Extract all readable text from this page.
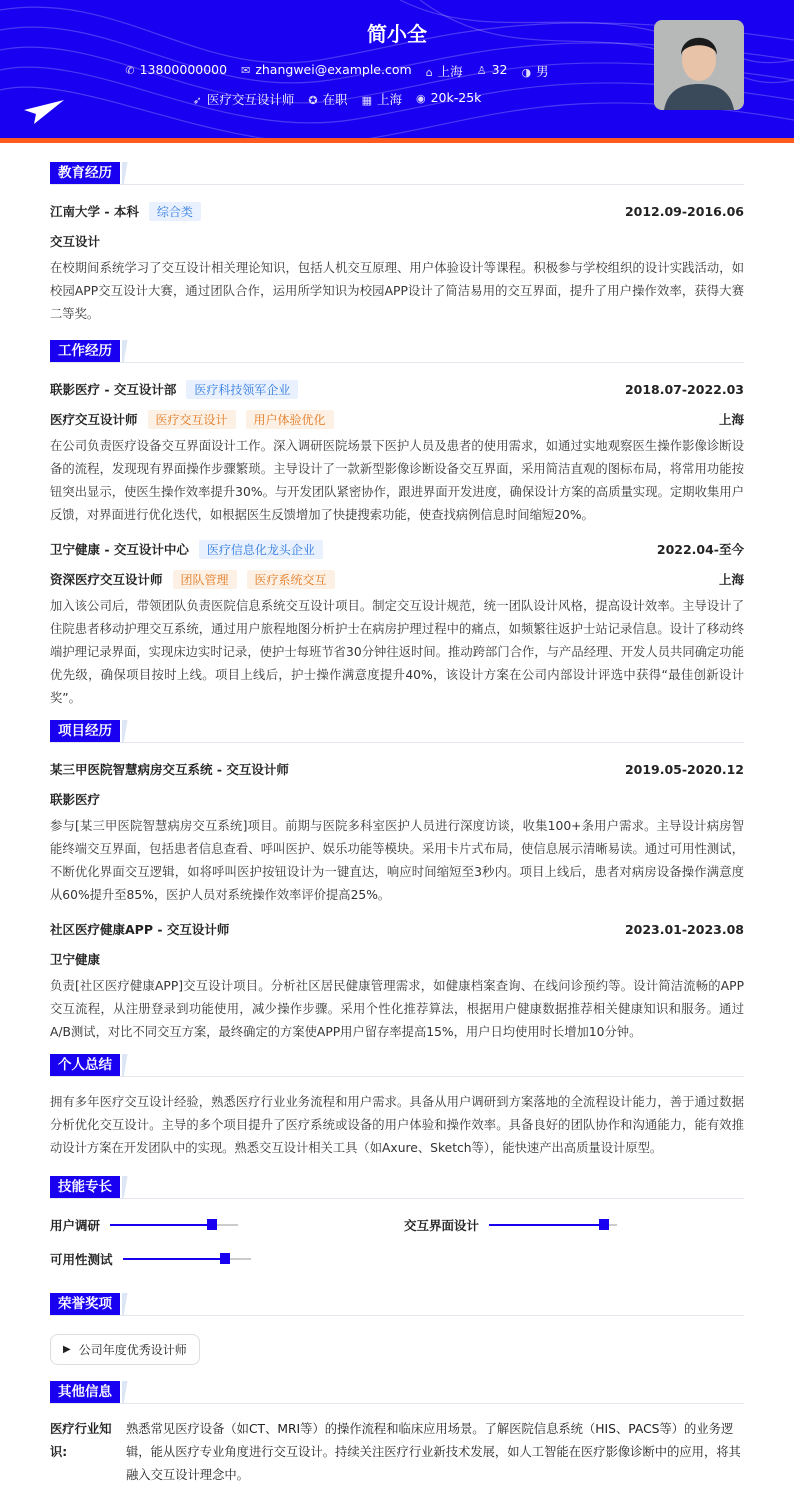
简小全
✆ 13800000000 ✉ zhangwei@example.com ⌂ 上海 ♙ 32 ◑ 男
➶ 医疗交互设计师 ✪ 在职 ▦ 上海 ◉ 20k-25k
教育经历
江南大学 - 本科	综合类	2012.09-2016.06
交互设计

在校期间系统学习了交互设计相关理论知识，包括人机交互原理、用户体验设计等课程。积极参与学校组织的设计实践活动，如校园APP交互设计大赛，通过团队合作，运用所学知识为校园APP设计了简洁易用的交互界面，提升了用户操作效率，获得大赛二等奖。

工作经历
联影医疗 - 交互设计部	医疗科技领军企业	2018.07-2022.03
医疗交互设计师	医疗交互设计	用户体验优化	上海

在公司负责医疗设备交互界面设计工作。深入调研医院场景下医护人员及患者的使用需求，如通过实地观察医生操作影像诊断设备的流程，发现现有界面操作步骤繁琐。主导设计了一款新型影像诊断设备交互界面，采用简洁直观的图标布局，将常用功能按钮突出显示，使医生操作效率提升30%。与开发团队紧密协作，跟进界面开发进度，确保设计方案的高质量实现。定期收集用户反馈，对界面进行优化迭代，如根据医生反馈增加了快捷搜索功能，使查找病例信息时间缩短20%。

卫宁健康 - 交互设计中心	医疗信息化龙头企业	2022.04-至今
资深医疗交互设计师	团队管理	医疗系统交互	上海

加入该公司后，带领团队负责医院信息系统交互设计项目。制定交互设计规范，统一团队设计风格，提高设计效率。主导设计了住院患者移动护理交互系统，通过用户旅程地图分析护士在病房护理过程中的痛点，如频繁往返护士站记录信息。设计了移动终端护理记录界面，实现床边实时记录，使护士每班节省30分钟往返时间。推动跨部门合作，与产品经理、开发人员共同确定功能优先级，确保项目按时上线。项目上线后，护士操作满意度提升40%，该设计方案在公司内部设计评选中获得“最佳创新设计奖”。

项目经历
某三甲医院智慧病房交互系统 - 交互设计师	2019.05-2020.12
联影医疗

参与[某三甲医院智慧病房交互系统]项目。前期与医院多科室医护人员进行深度访谈，收集100+条用户需求。主导设计病房智能终端交互界面，包括患者信息查看、呼叫医护、娱乐功能等模块。采用卡片式布局，使信息展示清晰易读。通过可用性测试，不断优化界面交互逻辑，如将呼叫医护按钮设计为一键直达，响应时间缩短至3秒内。项目上线后，患者对病房设备操作满意度从60%提升至85%，医护人员对系统操作效率评价提高25%。

社区医疗健康APP - 交互设计师	2023.01-2023.08
卫宁健康

负责[社区医疗健康APP]交互设计项目。分析社区居民健康管理需求，如健康档案查询、在线问诊预约等。设计简洁流畅的APP交互流程，从注册登录到功能使用，减少操作步骤。采用个性化推荐算法，根据用户健康数据推荐相关健康知识和服务。通过A/B测试，对比不同交互方案，最终确定的方案使APP用户留存率提高15%，用户日均使用时长增加10分钟。

个人总结

拥有多年医疗交互设计经验，熟悉医疗行业业务流程和用户需求。具备从用户调研到方案落地的全流程设计能力，善于通过数据分析优化交互设计。主导的多个项目提升了医疗系统或设备的用户体验和操作效率。具备良好的团队协作和沟通能力，能有效推动设计方案在开发团队中的实现。熟悉交互设计相关工具（如Axure、Sketch等），能快速产出高质量设计原型。

技能专长
用户调研	交互界面设计
可用性测试
荣誉奖项
▶ 公司年度优秀设计师
其他信息
医疗行业知识:
熟悉常见医疗设备（如CT、MRI等）的操作流程和临床应用场景。了解医院信息系统（HIS、PACS等）的业务逻辑，能从医疗专业角度进行交互设计。持续关注医疗行业新技术发展，如人工智能在医疗影像诊断中的应用，将其融入交互设计理念中。
